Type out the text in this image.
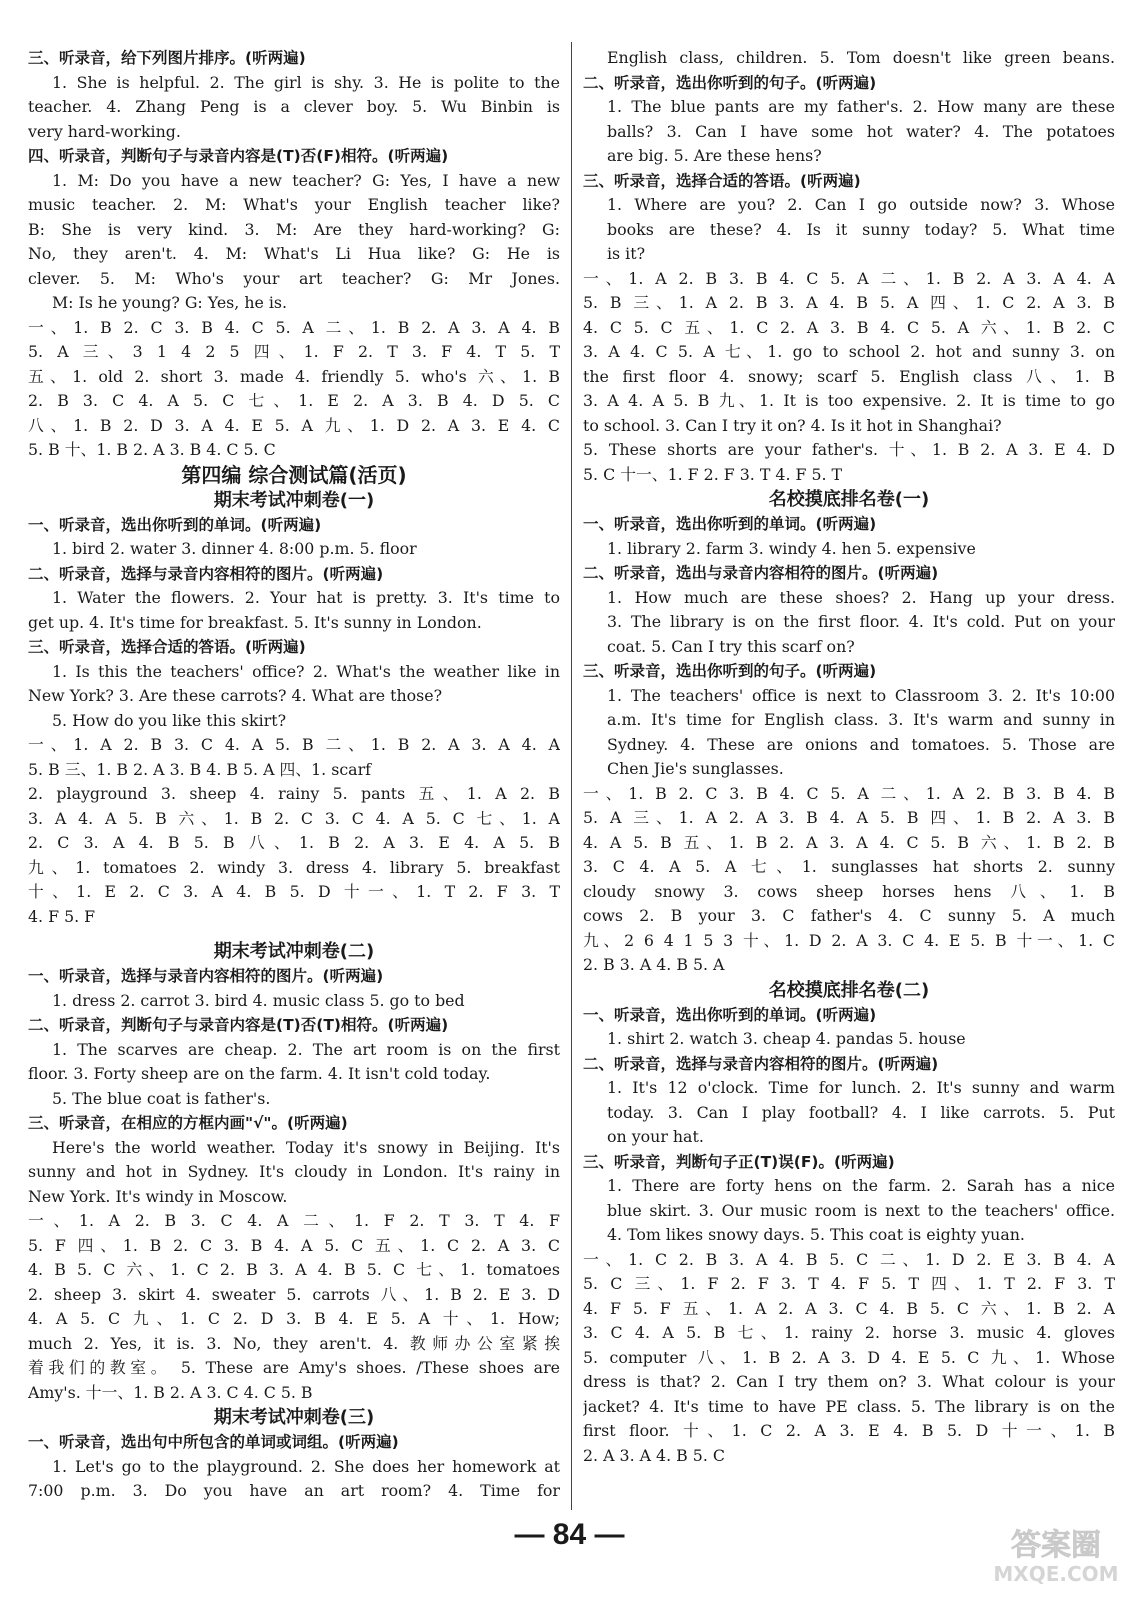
三、听录音，给下列图片排序。(听两遍)
1. She is helpful. 2. The girl is shy. 3. He is polite to the
teacher. 4. Zhang Peng is a clever boy. 5. Wu Binbin is
very hard-working.
四、听录音，判断句子与录音内容是(T)否(F)相符。(听两遍)
1. M: Do you have a new teacher? G: Yes, I have a new
music teacher. 2. M: What's your English teacher like?
B: She is very kind. 3. M: Are they hard-working? G:
No, they aren't. 4. M: What's Li Hua like? G: He is
clever. 5. M: Who's your art teacher? G: Mr Jones.
M: Is he young? G: Yes, he is.
一、1. B 2. C 3. B 4. C 5. A 二、1. B 2. A 3. A 4. B
5. A 三、3 1 4 2 5 四、1. F 2. T 3. F 4. T 5. T
五、1. old 2. short 3. made 4. friendly 5. who's 六、1. B
2. B 3. C 4. A 5. C 七、1. E 2. A 3. B 4. D 5. C
八、1. B 2. D 3. A 4. E 5. A 九、1. D 2. A 3. E 4. C
5. B 十、1. B 2. A 3. B 4. C 5. C
第四编 综合测试篇(活页)
期末考试冲刺卷(一)
一、听录音，选出你听到的单词。(听两遍)
1. bird 2. water 3. dinner 4. 8:00 p.m. 5. floor
二、听录音，选择与录音内容相符的图片。(听两遍)
1. Water the flowers. 2. Your hat is pretty. 3. It's time to
get up. 4. It's time for breakfast. 5. It's sunny in London.
三、听录音，选择合适的答语。(听两遍)
1. Is this the teachers' office? 2. What's the weather like in
New York? 3. Are these carrots? 4. What are those?
5. How do you like this skirt?
一、1. A 2. B 3. C 4. A 5. B 二、1. B 2. A 3. A 4. A
5. B 三、1. B 2. A 3. B 4. B 5. A 四、1. scarf
2. playground 3. sheep 4. rainy 5. pants 五、1. A 2. B
3. A 4. A 5. B 六、1. B 2. C 3. C 4. A 5. C 七、1. A
2. C 3. A 4. B 5. B 八、1. B 2. A 3. E 4. A 5. B
九、1. tomatoes 2. windy 3. dress 4. library 5. breakfast
十、1. E 2. C 3. A 4. B 5. D 十一、1. T 2. F 3. T
4. F 5. F
期末考试冲刺卷(二)
一、听录音，选择与录音内容相符的图片。(听两遍)
1. dress 2. carrot 3. bird 4. music class 5. go to bed
二、听录音，判断句子与录音内容是(T)否(T)相符。(听两遍)
1. The scarves are cheap. 2. The art room is on the first
floor. 3. Forty sheep are on the farm. 4. It isn't cold today.
5. The blue coat is father's.
三、听录音，在相应的方框内画"√"。(听两遍)
Here's the world weather. Today it's snowy in Beijing. It's
sunny and hot in Sydney. It's cloudy in London. It's rainy in
New York. It's windy in Moscow.
一、1. A 2. B 3. C 4. A 二、1. F 2. T 3. T 4. F
5. F 四、1. B 2. C 3. B 4. A 5. C 五、1. C 2. A 3. C
4. B 5. C 六、1. C 2. B 3. A 4. B 5. C 七、1. tomatoes
2. sheep 3. skirt 4. sweater 5. carrots 八、1. B 2. E 3. D
4. A 5. C 九、1. C 2. D 3. B 4. E 5. A 十、1. How;
much 2. Yes, it is. 3. No, they aren't. 4. 教师办公室紧挨
着我们的教室。 5. These are Amy's shoes. /These shoes are
Amy's. 十一、1. B 2. A 3. C 4. C 5. B
期末考试冲刺卷(三)
一、听录音，选出句中所包含的单词或词组。(听两遍)
1. Let's go to the playground. 2. She does her homework at
7:00 p.m. 3. Do you have an art room? 4. Time for
English class, children. 5. Tom doesn't like green beans.
二、听录音，选出你听到的句子。(听两遍)
1. The blue pants are my father's. 2. How many are these
balls? 3. Can I have some hot water? 4. The potatoes
are big. 5. Are these hens?
三、听录音，选择合适的答语。(听两遍)
1. Where are you? 2. Can I go outside now? 3. Whose
books are these? 4. Is it sunny today? 5. What time
is it?
一、1. A 2. B 3. B 4. C 5. A 二、1. B 2. A 3. A 4. A
5. B 三、1. A 2. B 3. A 4. B 5. A 四、1. C 2. A 3. B
4. C 5. C 五、1. C 2. A 3. B 4. C 5. A 六、1. B 2. C
3. A 4. C 5. A 七、1. go to school 2. hot and sunny 3. on
the first floor 4. snowy; scarf 5. English class 八、1. B
3. A 4. A 5. B 九、1. It is too expensive. 2. It is time to go
to school. 3. Can I try it on? 4. Is it hot in Shanghai?
5. These shorts are your father's. 十、1. B 2. A 3. E 4. D
5. C 十一、1. F 2. F 3. T 4. F 5. T
名校摸底排名卷(一)
一、听录音，选出你听到的单词。(听两遍)
1. library 2. farm 3. windy 4. hen 5. expensive
二、听录音，选出与录音内容相符的图片。(听两遍)
1. How much are these shoes? 2. Hang up your dress.
3. The library is on the first floor. 4. It's cold. Put on your
coat. 5. Can I try this scarf on?
三、听录音，选出你听到的句子。(听两遍)
1. The teachers' office is next to Classroom 3. 2. It's 10:00
a.m. It's time for English class. 3. It's warm and sunny in
Sydney. 4. These are onions and tomatoes. 5. Those are
Chen Jie's sunglasses.
一、1. B 2. C 3. B 4. C 5. A 二、1. A 2. B 3. B 4. B
5. A 三、1. A 2. A 3. B 4. A 5. B 四、1. B 2. A 3. B
4. A 5. B 五、1. B 2. A 3. A 4. C 5. B 六、1. B 2. B
3. C 4. A 5. A 七、1. sunglasses hat shorts 2. sunny
cloudy snowy 3. cows sheep horses hens 八、1. B
cows 2. B your 3. C father's 4. C sunny 5. A much
九、2 6 4 1 5 3 十、1. D 2. A 3. C 4. E 5. B 十一、1. C
2. B 3. A 4. B 5. A
名校摸底排名卷(二)
一、听录音，选出你听到的单词。(听两遍)
1. shirt 2. watch 3. cheap 4. pandas 5. house
二、听录音，选择与录音内容相符的图片。(听两遍)
1. It's 12 o'clock. Time for lunch. 2. It's sunny and warm
today. 3. Can I play football? 4. I like carrots. 5. Put
on your hat.
三、听录音，判断句子正(T)误(F)。(听两遍)
1. There are forty hens on the farm. 2. Sarah has a nice
blue skirt. 3. Our music room is next to the teachers' office.
4. Tom likes snowy days. 5. This coat is eighty yuan.
一、1. C 2. B 3. A 4. B 5. C 二、1. D 2. E 3. B 4. A
5. C 三、1. F 2. F 3. T 4. F 5. T 四、1. T 2. F 3. T
4. F 5. F 五、1. A 2. A 3. C 4. B 5. C 六、1. B 2. A
3. C 4. A 5. B 七、1. rainy 2. horse 3. music 4. gloves
5. computer 八、1. B 2. A 3. D 4. E 5. C 九、1. Whose
dress is that? 2. Can I try them on? 3. What colour is your
jacket? 4. It's time to have PE class. 5. The library is on the
first floor. 十、1. C 2. A 3. E 4. B 5. D 十一、1. B
2. A 3. A 4. B 5. C
— 84 —	答案圈
MXQE.COM
